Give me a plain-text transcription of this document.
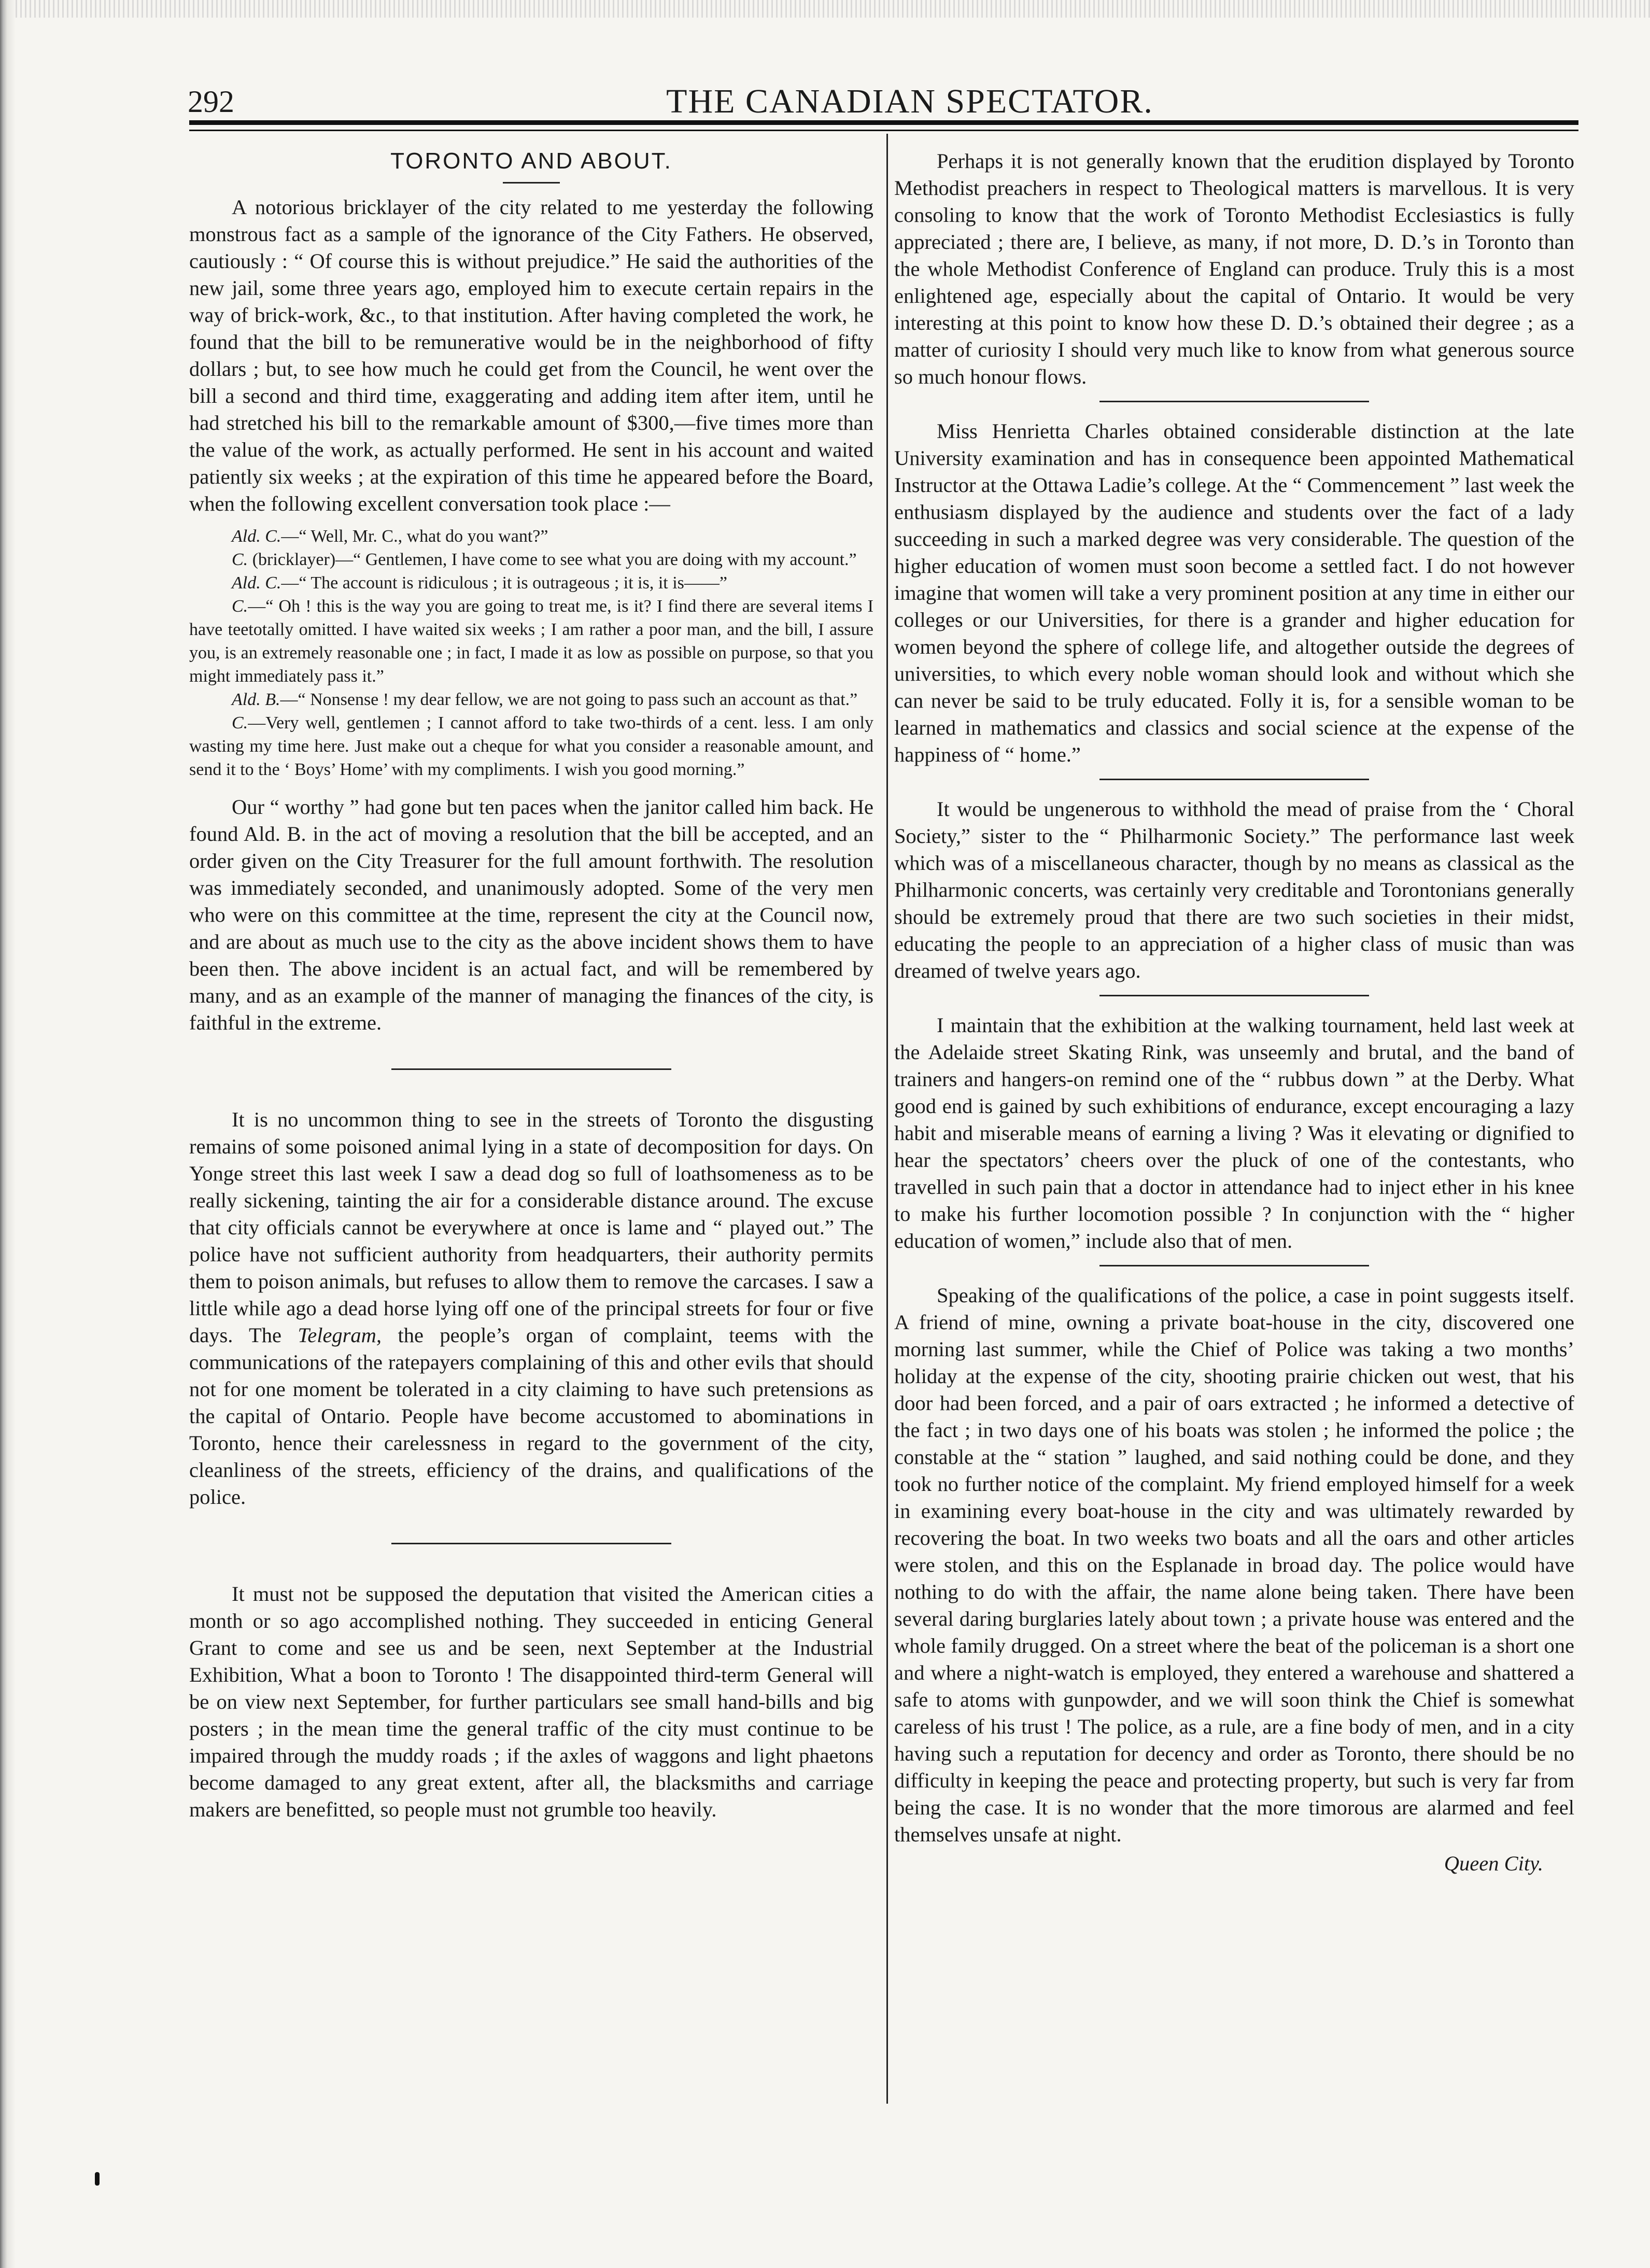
292	THE CANADIAN SPECTATOR.
TORONTO AND ABOUT.

A notorious bricklayer of the city related to me yesterday the following monstrous fact as a sample of the ignorance of the City Fathers. He observed, cautiously : “ Of course this is without prejudice.” He said the authorities of the new jail, some three years ago, employed him to execute certain repairs in the way of brick-work, &c., to that institution. After having completed the work, he found that the bill to be remunerative would be in the neighborhood of fifty dollars ; but, to see how much he could get from the Council, he went over the bill a second and third time, exaggerating and adding item after item, until he had stretched his bill to the remarkable amount of $300,—five times more than the value of the work, as actually performed. He sent in his account and waited patiently six weeks ; at the expiration of this time he appeared before the Board, when the following excellent conversation took place :—

Ald. C.—“ Well, Mr. C., what do you want?”
C. (bricklayer)—“ Gentlemen, I have come to see what you are doing with my account.”
Ald. C.—“ The account is ridiculous ; it is outrageous ; it is, it is——”
C.—“ Oh ! this is the way you are going to treat me, is it? I find there are several items I have teetotally omitted. I have waited six weeks ; I am rather a poor man, and the bill, I assure you, is an extremely reasonable one ; in fact, I made it as low as possible on purpose, so that you might immediately pass it.”
Ald. B.—“ Nonsense ! my dear fellow, we are not going to pass such an account as that.”
C.—Very well, gentlemen ; I cannot afford to take two-thirds of a cent. less. I am only wasting my time here. Just make out a cheque for what you consider a reasonable amount, and send it to the ‘ Boys’ Home’ with my compliments. I wish you good morning.”

Our “ worthy ” had gone but ten paces when the janitor called him back. He found Ald. B. in the act of moving a resolution that the bill be accepted, and an order given on the City Treasurer for the full amount forthwith. The resolution was immediately seconded, and unanimously adopted. Some of the very men who were on this committee at the time, represent the city at the Council now, and are about as much use to the city as the above incident shows them to have been then. The above incident is an actual fact, and will be remembered by many, and as an example of the manner of managing the finances of the city, is faithful in the extreme.

It is no uncommon thing to see in the streets of Toronto the disgusting remains of some poisoned animal lying in a state of decomposition for days. On Yonge street this last week I saw a dead dog so full of loathsomeness as to be really sickening, tainting the air for a considerable distance around. The excuse that city officials cannot be everywhere at once is lame and “ played out.” The police have not sufficient authority from headquarters, their authority permits them to poison animals, but refuses to allow them to remove the carcases. I saw a little while ago a dead horse lying off one of the principal streets for four or five days. The Telegram, the people’s organ of complaint, teems with the communications of the ratepayers complaining of this and other evils that should not for one moment be tolerated in a city claiming to have such pretensions as the capital of Ontario. People have become accustomed to abominations in Toronto, hence their carelessness in regard to the government of the city, cleanliness of the streets, efficiency of the drains, and qualifications of the police.

It must not be supposed the deputation that visited the American cities a month or so ago accomplished nothing. They succeeded in enticing General Grant to come and see us and be seen, next September at the Industrial Exhibition, What a boon to Toronto ! The disappointed third-term General will be on view next September, for further particulars see small hand-bills and big posters ; in the mean time the general traffic of the city must continue to be impaired through the muddy roads ; if the axles of waggons and light phaetons become damaged to any great extent, after all, the blacksmiths and carriage makers are benefitted, so people must not grumble too heavily.

Perhaps it is not generally known that the erudition displayed by Toronto Methodist preachers in respect to Theological matters is marvellous. It is very consoling to know that the work of Toronto Methodist Ecclesiastics is fully appreciated ; there are, I believe, as many, if not more, D. D.’s in Toronto than the whole Methodist Conference of England can produce. Truly this is a most enlightened age, especially about the capital of Ontario. It would be very interesting at this point to know how these D. D.’s obtained their degree ; as a matter of curiosity I should very much like to know from what generous source so much honour flows.

Miss Henrietta Charles obtained considerable distinction at the late University examination and has in consequence been appointed Mathematical Instructor at the Ottawa Ladie’s college. At the “ Commencement ” last week the enthusiasm displayed by the audience and students over the fact of a lady succeeding in such a marked degree was very considerable. The question of the higher education of women must soon become a settled fact. I do not however imagine that women will take a very prominent position at any time in either our colleges or our Universities, for there is a grander and higher education for women beyond the sphere of college life, and altogether outside the degrees of universities, to which every noble woman should look and without which she can never be said to be truly educated. Folly it is, for a sensible woman to be learned in mathematics and classics and social science at the expense of the happiness of “ home.”

It would be ungenerous to withhold the mead of praise from the ‘ Choral Society,” sister to the “ Philharmonic Society.” The performance last week which was of a miscellaneous character, though by no means as classical as the Philharmonic concerts, was certainly very creditable and Torontonians generally should be extremely proud that there are two such societies in their midst, educating the people to an appreciation of a higher class of music than was dreamed of twelve years ago.

I maintain that the exhibition at the walking tournament, held last week at the Adelaide street Skating Rink, was unseemly and brutal, and the band of trainers and hangers-on remind one of the “ rubbus down ” at the Derby. What good end is gained by such exhibitions of endurance, except encouraging a lazy habit and miserable means of earning a living ? Was it elevating or dignified to hear the spectators’ cheers over the pluck of one of the contestants, who travelled in such pain that a doctor in attendance had to inject ether in his knee to make his further locomotion possible ? In conjunction with the “ higher education of women,” include also that of men.

Speaking of the qualifications of the police, a case in point suggests itself. A friend of mine, owning a private boat-house in the city, discovered one morning last summer, while the Chief of Police was taking a two months’ holiday at the expense of the city, shooting prairie chicken out west, that his door had been forced, and a pair of oars extracted ; he informed a detective of the fact ; in two days one of his boats was stolen ; he informed the police ; the constable at the “ station ” laughed, and said nothing could be done, and they took no further notice of the complaint. My friend employed himself for a week in examining every boat-house in the city and was ultimately rewarded by recovering the boat. In two weeks two boats and all the oars and other articles were stolen, and this on the Esplanade in broad day. The police would have nothing to do with the affair, the name alone being taken. There have been several daring burglaries lately about town ; a private house was entered and the whole family drugged. On a street where the beat of the policeman is a short one and where a night-watch is employed, they entered a warehouse and shattered a safe to atoms with gunpowder, and we will soon think the Chief is somewhat careless of his trust ! The police, as a rule, are a fine body of men, and in a city having such a reputation for decency and order as Toronto, there should be no difficulty in keeping the peace and protecting property, but such is very far from being the case. It is no wonder that the more timorous are alarmed and feel themselves unsafe at night.

Queen City.
